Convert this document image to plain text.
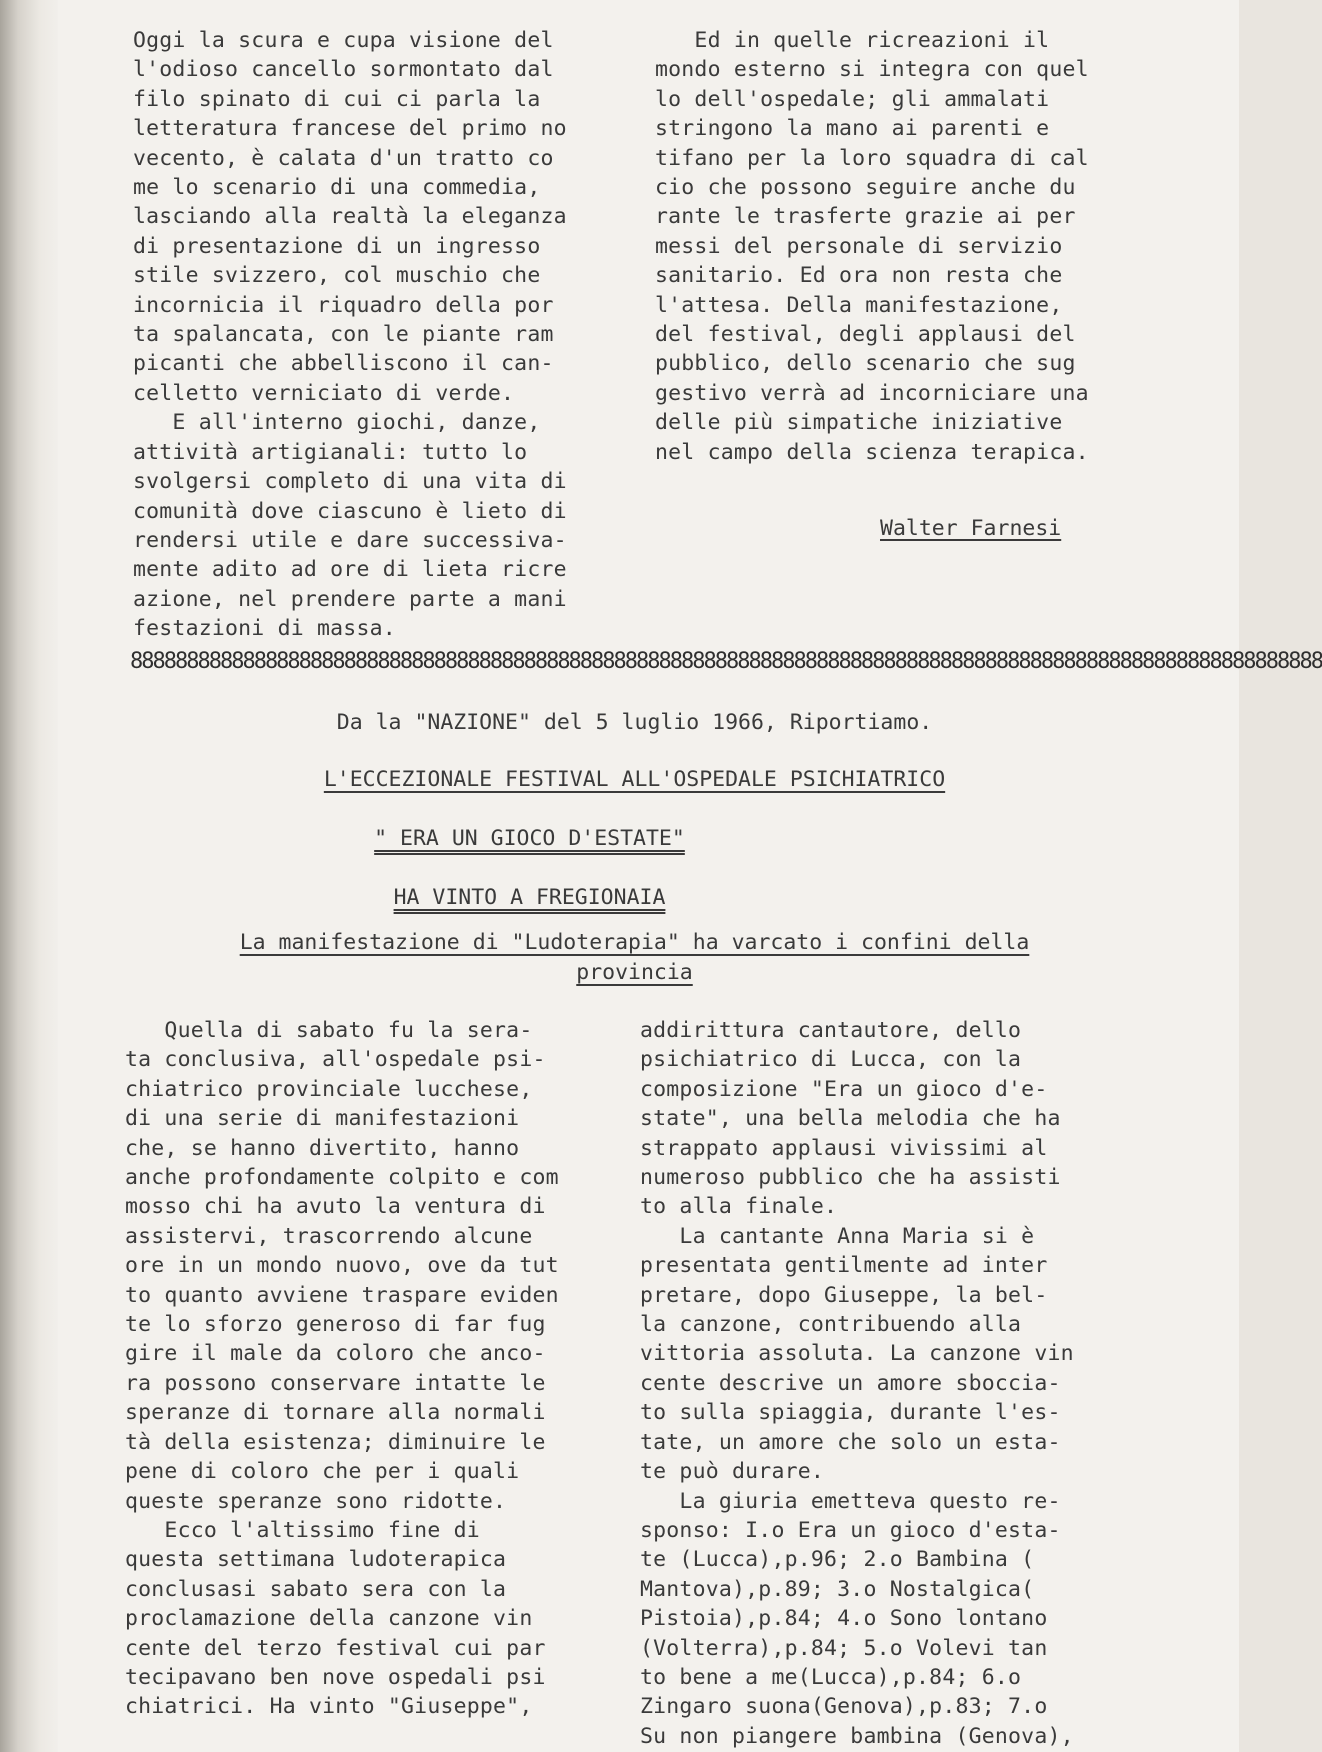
Oggi la scura e cupa visione del
l'odioso cancello sormontato dal
filo spinato di cui ci parla la
letteratura francese del primo no
vecento, è calata d'un tratto co
me lo scenario di una commedia,
lasciando alla realtà la eleganza
di presentazione di un ingresso
stile svizzero, col muschio che
incornicia il riquadro della por
ta spalancata, con le piante ram
picanti che abbelliscono il can-
celletto verniciato di verde.
E all'interno giochi, danze,
attività artigianali: tutto lo
svolgersi completo di una vita di
comunità dove ciascuno è lieto di
rendersi utile e dare successiva-
mente adito ad ore di lieta ricre
azione, nel prendere parte a mani
festazioni di massa.
Ed in quelle ricreazioni il
mondo esterno si integra con quel
lo dell'ospedale; gli ammalati
stringono la mano ai parenti e
tifano per la loro squadra di cal
cio che possono seguire anche du
rante le trasferte grazie ai per
messi del personale di servizio
sanitario. Ed ora non resta che
l'attesa. Della manifestazione,
del festival, degli applausi del
pubblico, dello scenario che sug
gestivo verrà ad incorniciare una
delle più simpatiche iniziative
nel campo della scienza terapica.
Walter Farnesi
8888888888888888888888888888888888888888888888888888888888888888888888888888888888888888888888888888888888
Da la "NAZIONE" del 5 luglio 1966, Riportiamo.
L'ECCEZIONALE FESTIVAL ALL'OSPEDALE PSICHIATRICO
" ERA UN GIOCO D'ESTATE"
HA VINTO A FREGIONAIA
La manifestazione di "Ludoterapia" ha varcato i confini della
provincia
Quella di sabato fu la sera-
ta conclusiva, all'ospedale psi-
chiatrico provinciale lucchese,
di una serie di manifestazioni
che, se hanno divertito, hanno
anche profondamente colpito e com
mosso chi ha avuto la ventura di
assistervi, trascorrendo alcune
ore in un mondo nuovo, ove da tut
to quanto avviene traspare eviden
te lo sforzo generoso di far fug
gire il male da coloro che anco-
ra possono conservare intatte le
speranze di tornare alla normali
tà della esistenza; diminuire le
pene di coloro che per i quali
queste speranze sono ridotte.
Ecco l'altissimo fine di
questa settimana ludoterapica
conclusasi sabato sera con la
proclamazione della canzone vin
cente del terzo festival cui par
tecipavano ben nove ospedali psi
chiatrici. Ha vinto "Giuseppe",
addirittura cantautore, dello
psichiatrico di Lucca, con la
composizione "Era un gioco d'e-
state", una bella melodia che ha
strappato applausi vivissimi al
numeroso pubblico che ha assisti
to alla finale.
La cantante Anna Maria si è
presentata gentilmente ad inter
pretare, dopo Giuseppe, la bel-
la canzone, contribuendo alla
vittoria assoluta. La canzone vin
cente descrive un amore sboccia-
to sulla spiaggia, durante l'es-
tate, un amore che solo un esta-
te può durare.
La giuria emetteva questo re-
sponso: I.o Era un gioco d'esta-
te (Lucca),p.96; 2.o Bambina (
Mantova),p.89; 3.o Nostalgica(
Pistoia),p.84; 4.o Sono lontano
(Volterra),p.84; 5.o Volevi tan
to bene a me(Lucca),p.84; 6.o
Zingaro suona(Genova),p.83; 7.o
Su non piangere bambina (Genova),
